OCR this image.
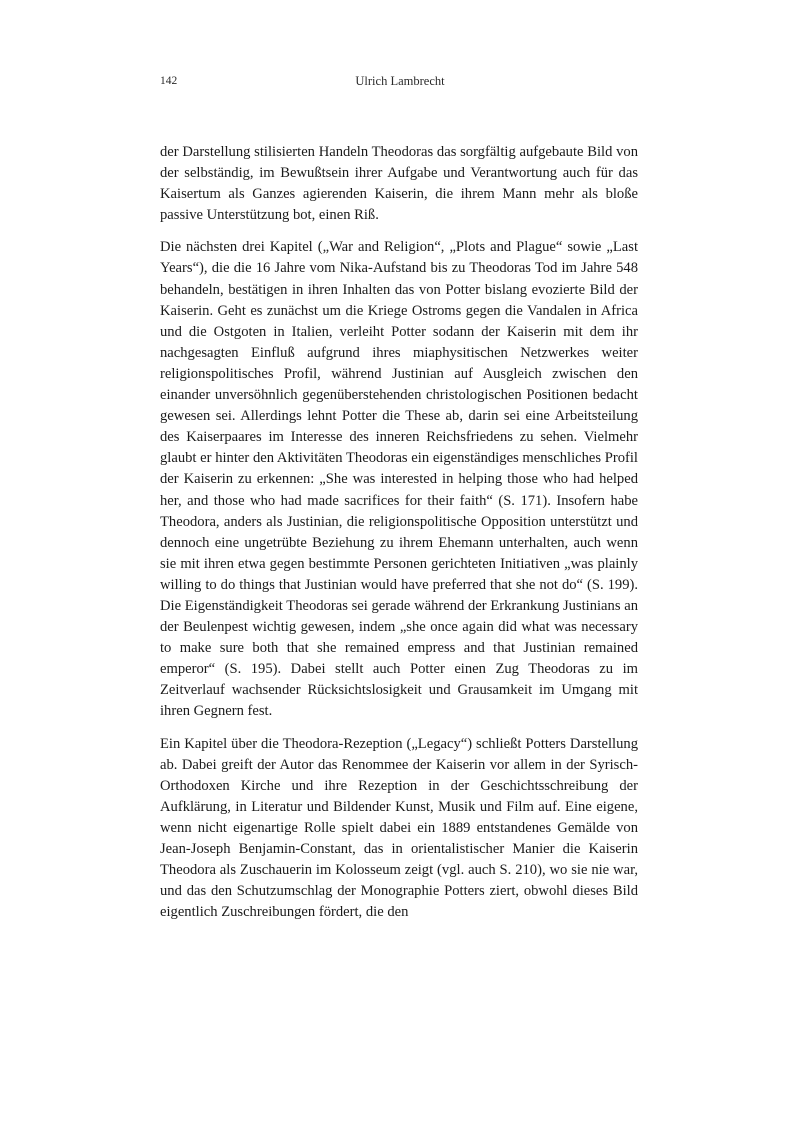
142	Ulrich Lambrecht

der Darstellung stilisierten Handeln Theodoras das sorgfältig aufgebaute Bild von der selbständig, im Bewußtsein ihrer Aufgabe und Verantwortung auch für das Kaisertum als Ganzes agierenden Kaiserin, die ihrem Mann mehr als bloße passive Unterstützung bot, einen Riß.

Die nächsten drei Kapitel („War and Religion“, „Plots and Plague“ sowie „Last Years“), die die 16 Jahre vom Nika-Aufstand bis zu Theodoras Tod im Jahre 548 behandeln, bestätigen in ihren Inhalten das von Potter bislang evozierte Bild der Kaiserin. Geht es zunächst um die Kriege Ostroms gegen die Vandalen in Africa und die Ostgoten in Italien, verleiht Potter sodann der Kaiserin mit dem ihr nachgesagten Einfluß aufgrund ihres miaphysitischen Netzwerkes weiter religionspolitisches Profil, während Justinian auf Ausgleich zwischen den einander unversöhnlich gegenüberstehenden christologischen Positionen bedacht gewesen sei. Allerdings lehnt Potter die These ab, darin sei eine Arbeitsteilung des Kaiserpaares im Interesse des inneren Reichsfriedens zu sehen. Vielmehr glaubt er hinter den Aktivitäten Theodoras ein eigenständiges menschliches Profil der Kaiserin zu erkennen: „She was interested in helping those who had helped her, and those who had made sacrifices for their faith“ (S. 171). Insofern habe Theodora, anders als Justinian, die religionspolitische Opposition unterstützt und dennoch eine ungetrübte Beziehung zu ihrem Ehemann unterhalten, auch wenn sie mit ihren etwa gegen bestimmte Personen gerichteten Initiativen „was plainly willing to do things that Justinian would have preferred that she not do“ (S. 199). Die Eigenständigkeit Theodoras sei gerade während der Erkrankung Justinians an der Beulenpest wichtig gewesen, indem „she once again did what was necessary to make sure both that she remained empress and that Justinian remained emperor“ (S. 195). Dabei stellt auch Potter einen Zug Theodoras zu im Zeitverlauf wachsender Rücksichtslosigkeit und Grausamkeit im Umgang mit ihren Gegnern fest.

Ein Kapitel über die Theodora-Rezeption („Legacy“) schließt Potters Darstellung ab. Dabei greift der Autor das Renommee der Kaiserin vor allem in der Syrisch-Orthodoxen Kirche und ihre Rezeption in der Geschichtsschreibung der Aufklärung, in Literatur und Bildender Kunst, Musik und Film auf. Eine eigene, wenn nicht eigenartige Rolle spielt dabei ein 1889 entstandenes Gemälde von Jean-Joseph Benjamin-Constant, das in orientalistischer Manier die Kaiserin Theodora als Zuschauerin im Kolosseum zeigt (vgl. auch S. 210), wo sie nie war, und das den Schutzumschlag der Monographie Potters ziert, obwohl dieses Bild eigentlich Zuschreibungen fördert, die den
